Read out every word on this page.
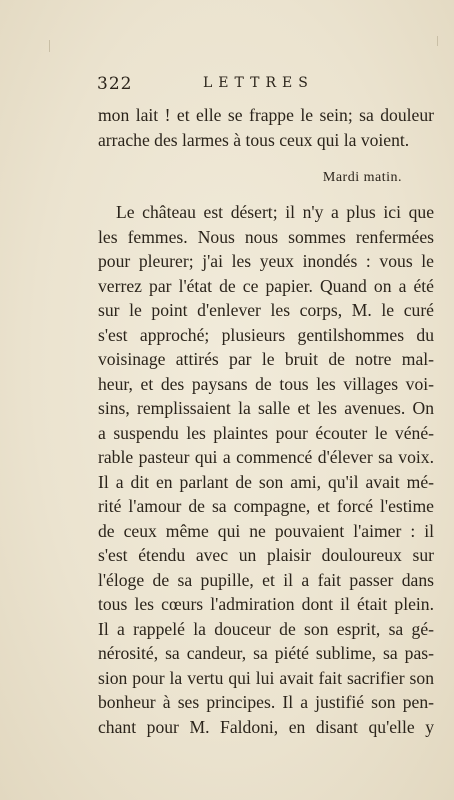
322	LETTRES
mon lait ! et elle se frappe le sein; sa douleur
arrache des larmes à tous ceux qui la voient.
Mardi matin.
Le château est désert; il n'y a plus ici que
les femmes. Nous nous sommes renfermées
pour pleurer; j'ai les yeux inondés : vous le
verrez par l'état de ce papier. Quand on a été
sur le point d'enlever les corps, M. le curé
s'est approché; plusieurs gentilshommes du
voisinage attirés par le bruit de notre mal-
heur, et des paysans de tous les villages voi-
sins, remplissaient la salle et les avenues. On
a suspendu les plaintes pour écouter le véné-
rable pasteur qui a commencé d'élever sa voix.
Il a dit en parlant de son ami, qu'il avait mé-
rité l'amour de sa compagne, et forcé l'estime
de ceux même qui ne pouvaient l'aimer : il
s'est étendu avec un plaisir douloureux sur
l'éloge de sa pupille, et il a fait passer dans
tous les cœurs l'admiration dont il était plein.
Il a rappelé la douceur de son esprit, sa gé-
nérosité, sa candeur, sa piété sublime, sa pas-
sion pour la vertu qui lui avait fait sacrifier son
bonheur à ses principes. Il a justifié son pen-
chant pour M. Faldoni, en disant qu'elle y
